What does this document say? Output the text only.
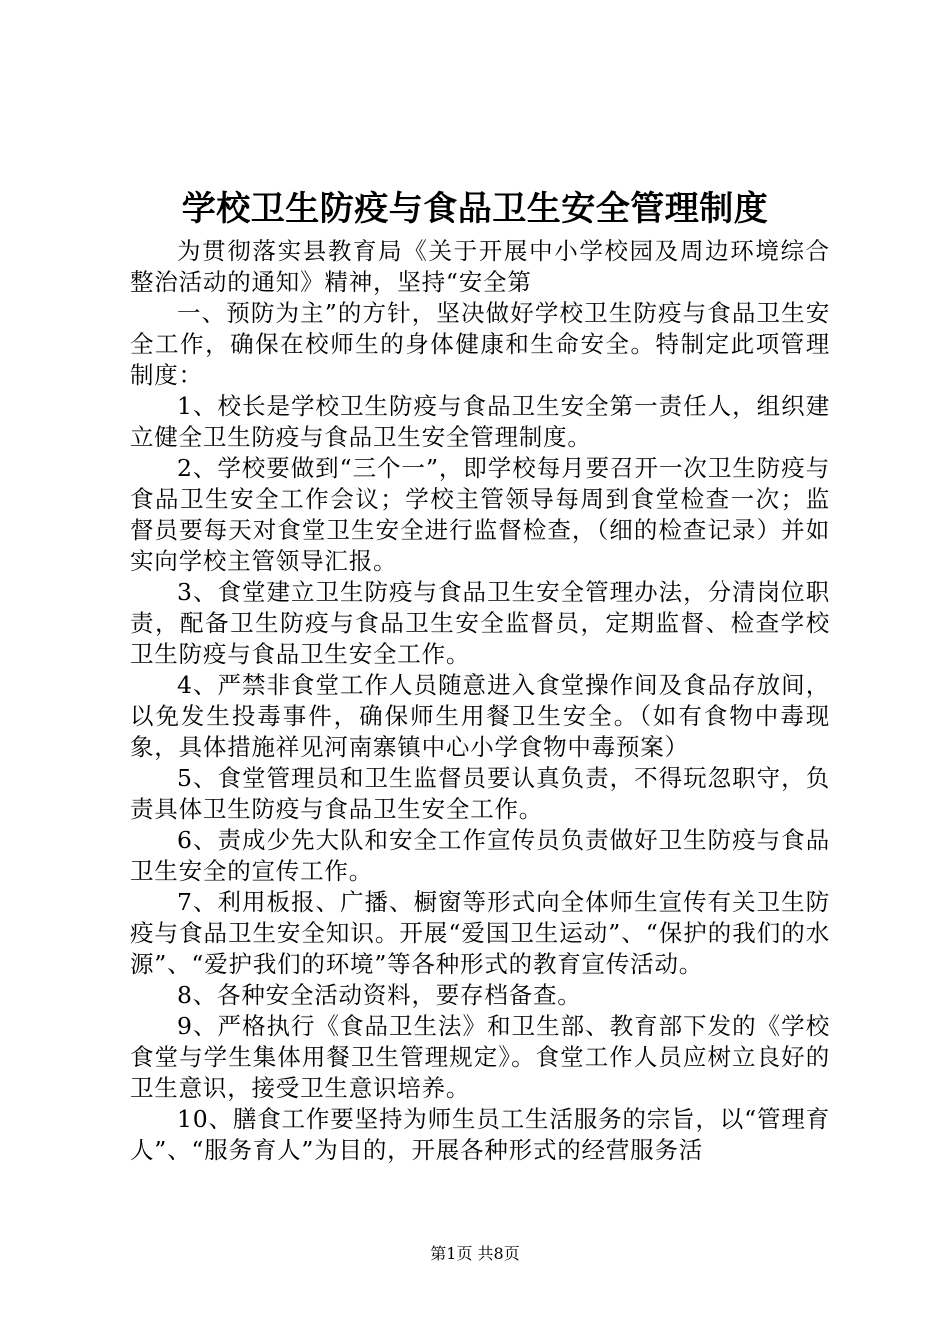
学校卫生防疫与食品卫生安全管理制度

为贯彻落实县教育局《关于开展中小学校园及周边环境综合整治活动的通知》精神，坚持“安全第

一、预防为主”的方针，坚决做好学校卫生防疫与食品卫生安全工作，确保在校师生的身体健康和生命安全。特制定此项管理制度：

1、校长是学校卫生防疫与食品卫生安全第一责任人，组织建立健全卫生防疫与食品卫生安全管理制度。

2、学校要做到“三个一”，即学校每月要召开一次卫生防疫与食品卫生安全工作会议；学校主管领导每周到食堂检查一次；监督员要每天对食堂卫生安全进行监督检查，（细的检查记录）并如实向学校主管领导汇报。

3、食堂建立卫生防疫与食品卫生安全管理办法，分清岗位职责，配备卫生防疫与食品卫生安全监督员，定期监督、检查学校卫生防疫与食品卫生安全工作。

4、严禁非食堂工作人员随意进入食堂操作间及食品存放间，以免发生投毒事件，确保师生用餐卫生安全。（如有食物中毒现象，具体措施祥见河南寨镇中心小学食物中毒预案）

5、食堂管理员和卫生监督员要认真负责，不得玩忽职守，负责具体卫生防疫与食品卫生安全工作。

6、责成少先大队和安全工作宣传员负责做好卫生防疫与食品卫生安全的宣传工作。

7、利用板报、广播、橱窗等形式向全体师生宣传有关卫生防疫与食品卫生安全知识。开展“爱国卫生运动”、“保护的我们的水源”、“爱护我们的环境”等各种形式的教育宣传活动。

8、各种安全活动资料，要存档备查。

9、严格执行《食品卫生法》和卫生部、教育部下发的《学校食堂与学生集体用餐卫生管理规定》。食堂工作人员应树立良好的卫生意识，接受卫生意识培养。

10、膳食工作要坚持为师生员工生活服务的宗旨，以“管理育人”、“服务育人”为目的，开展各种形式的经营服务活

第1页 共8页
